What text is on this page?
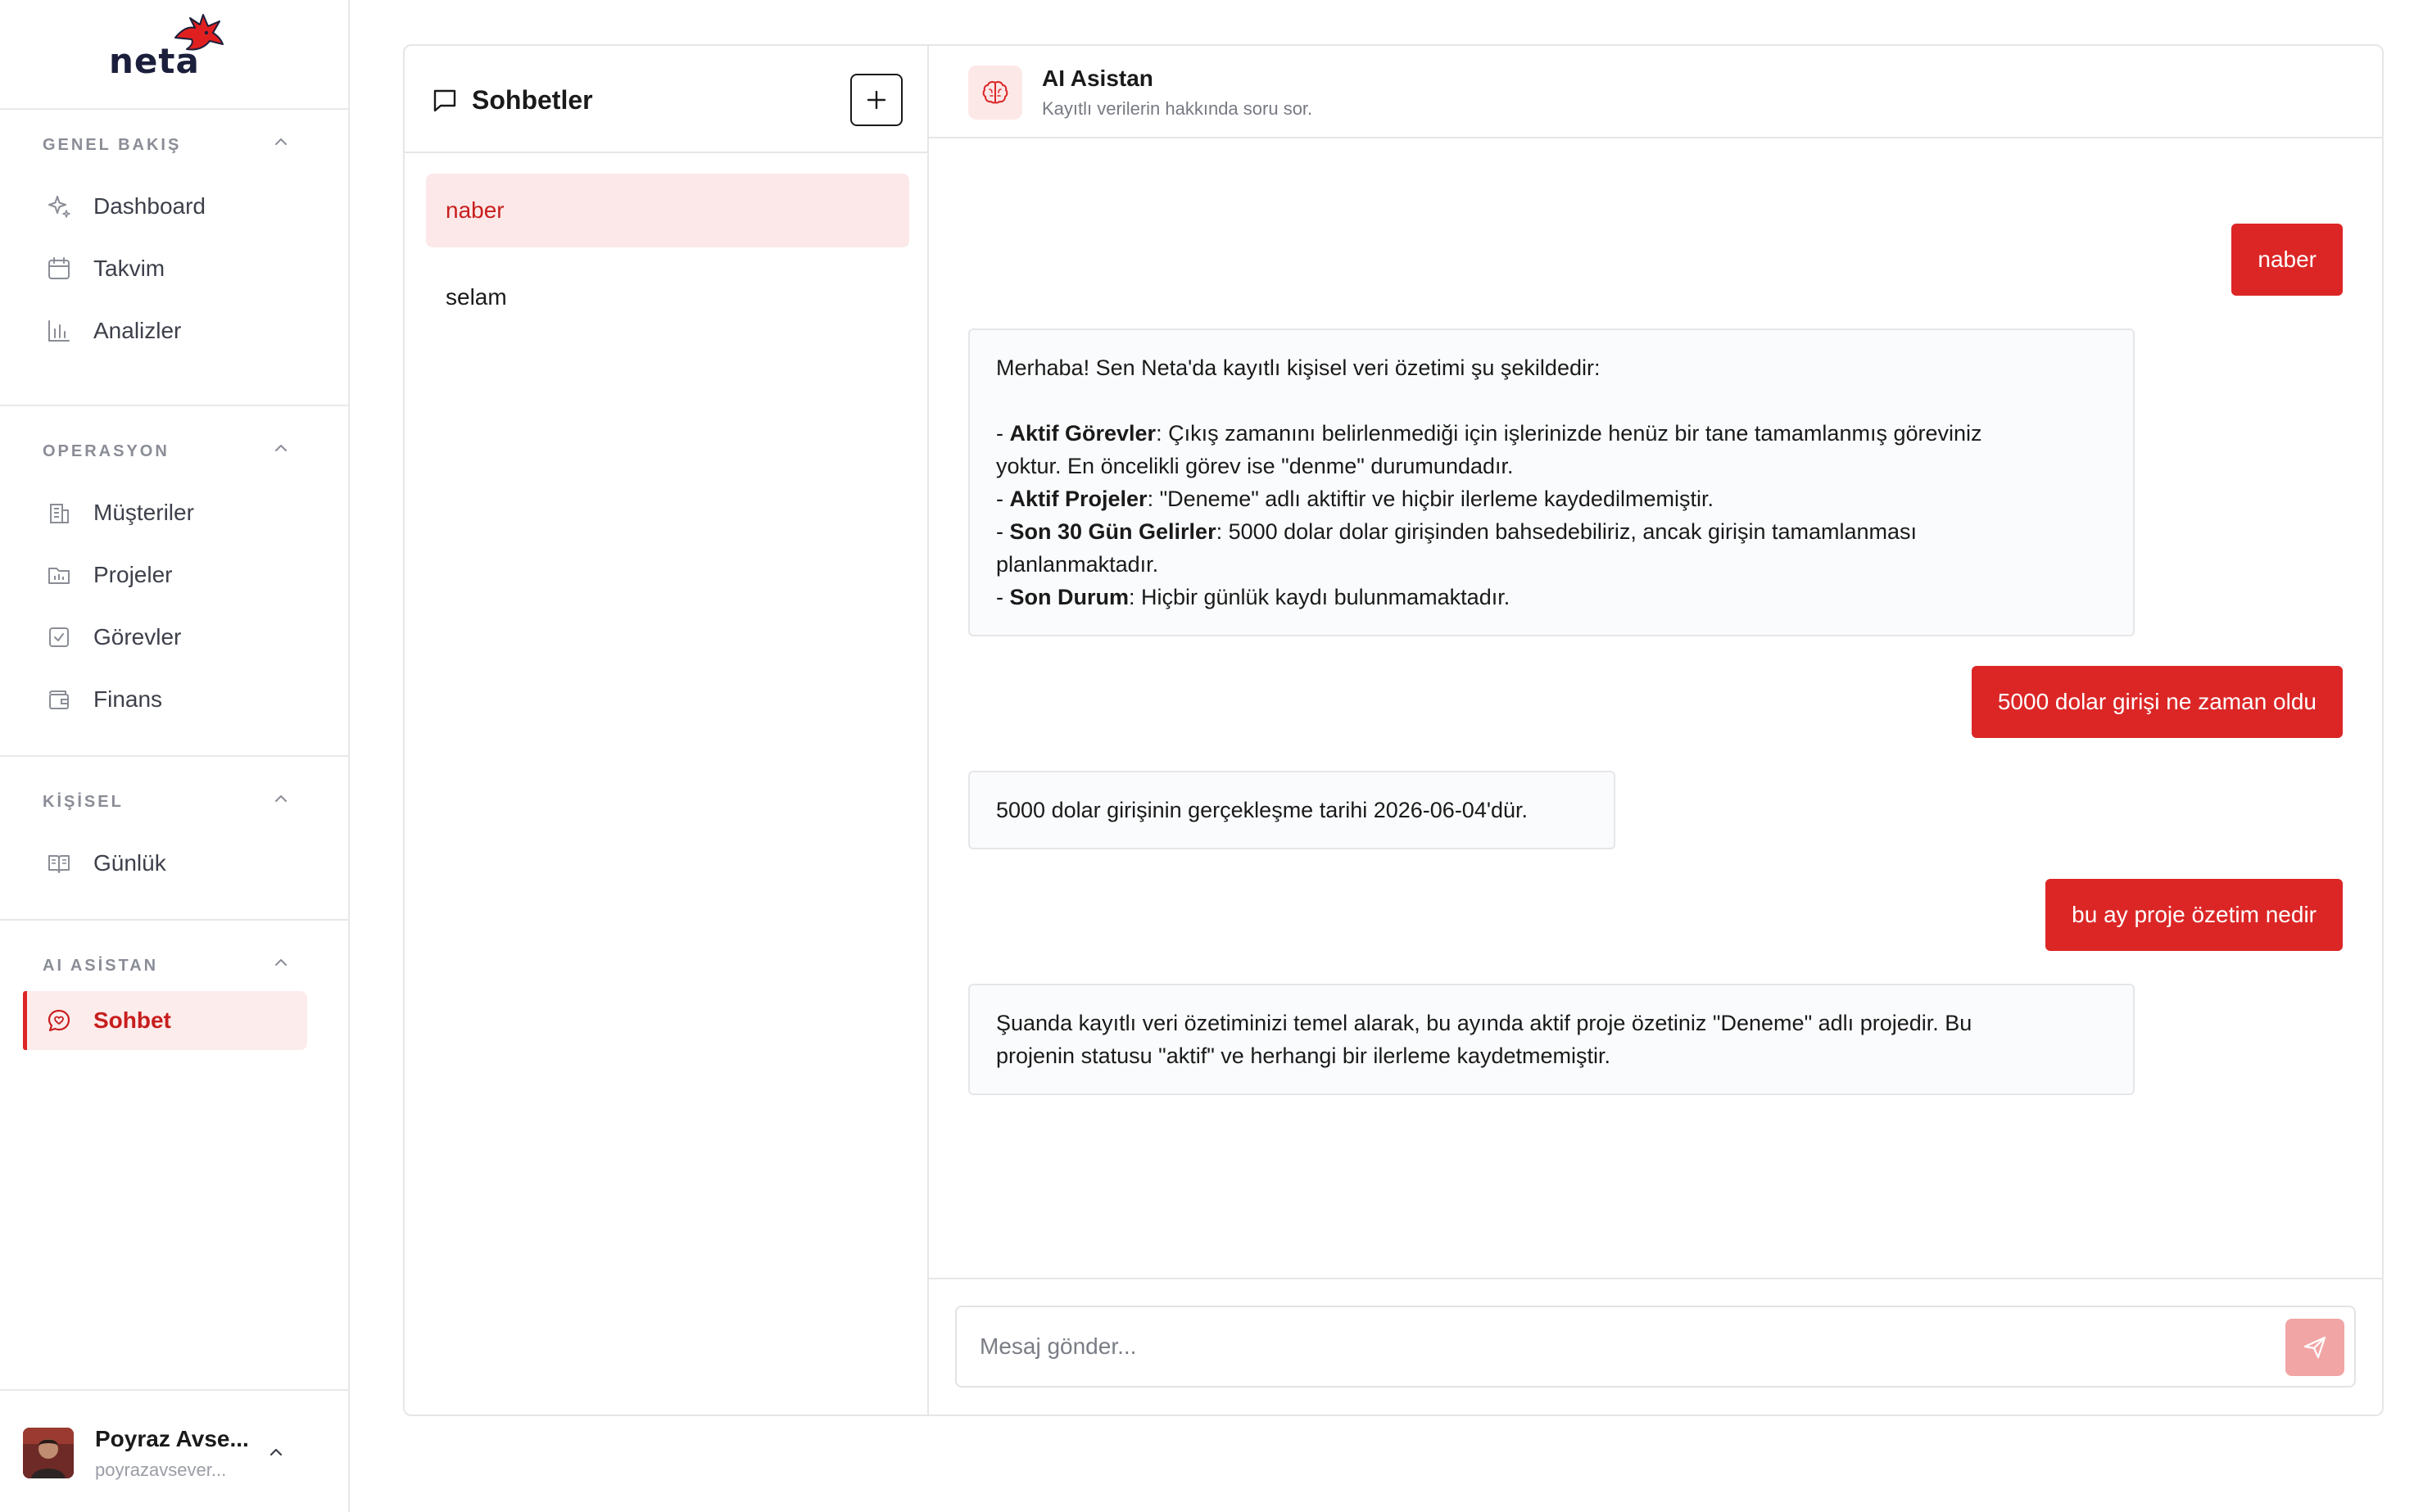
neta
GENEL BAKIŞ
Dashboard
Takvim
Analizler
OPERASYON
Müşteriler
Projeler
Görevler
Finans
KİŞİSEL
Günlük
AI ASİSTAN
Sohbet
Poyraz Avse...
poyrazavsever...
Sohbetler
naber
selam
AI Asistan
Kayıtlı verilerin hakkında soru sor.
naber
Merhaba! Sen Neta'da kayıtlı kişisel veri özetimi şu şekildedir:
- Aktif Görevler: Çıkış zamanını belirlenmediği için işlerinizde henüz bir tane tamamlanmış göreviniz
yoktur. En öncelikli görev ise "denme" durumundadır.
- Aktif Projeler: "Deneme" adlı aktiftir ve hiçbir ilerleme kaydedilmemiştir.
- Son 30 Gün Gelirler: 5000 dolar dolar girişinden bahsedebiliriz, ancak girişin tamamlanması
planlanmaktadır.
- Son Durum: Hiçbir günlük kaydı bulunmamaktadır.
5000 dolar girişi ne zaman oldu
5000 dolar girişinin gerçekleşme tarihi 2026-06-04'dür.
bu ay proje özetim nedir
Şuanda kayıtlı veri özetiminizi temel alarak, bu ayında aktif proje özetiniz "Deneme" adlı projedir. Bu
projenin statusu "aktif" ve herhangi bir ilerleme kaydetmemiştir.
Mesaj gönder...
